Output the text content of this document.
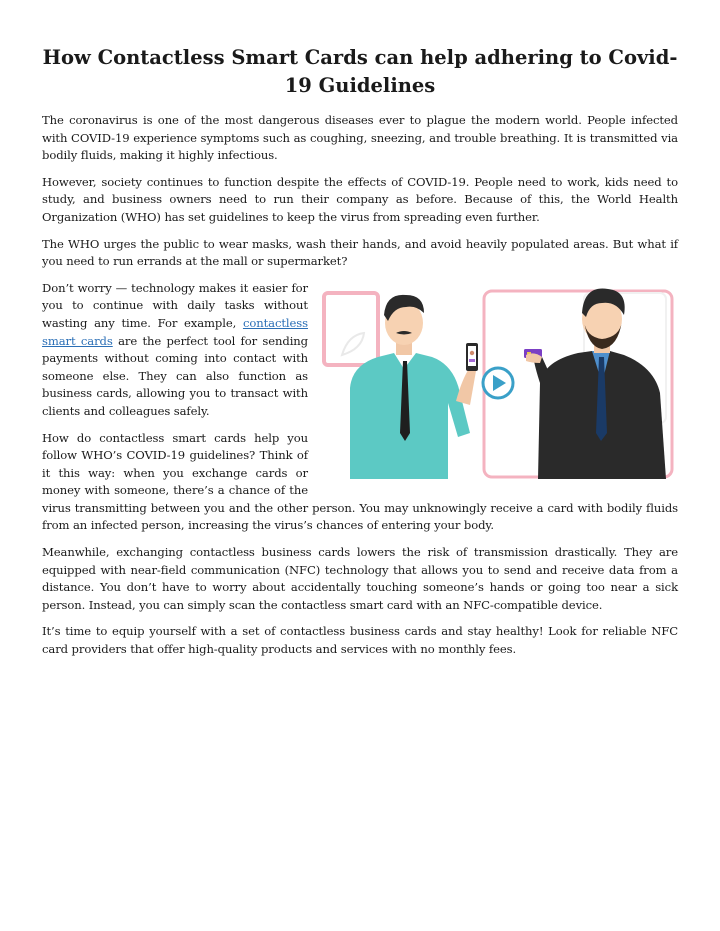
How Contactless Smart Cards can help adhering to Covid-19 Guidelines

The coronavirus is one of the most dangerous diseases ever to plague the modern world. People infected with COVID-19 experience symptoms such as coughing, sneezing, and trouble breathing. It is transmitted via bodily fluids, making it highly infectious.

However, society continues to function despite the effects of COVID-19. People need to work, kids need to study, and business owners need to run their company as before. Because of this, the World Health Organization (WHO) has set guidelines to keep the virus from spreading even further.

The WHO urges the public to wear masks, wash their hands, and avoid heavily populated areas. But what if you need to run errands at the mall or supermarket?

Don’t worry — technology makes it easier for you to continue with daily tasks without wasting any time. For example, contactless smart cards are the perfect tool for sending payments without coming into contact with someone else. They can also function as business cards, allowing you to transact with clients and colleagues safely.

How do contactless smart cards help you follow WHO’s COVID-19 guidelines? Think of it this way: when you exchange cards or money with someone, there’s a chance of the virus transmitting between you and the other person. You may unknowingly receive a card with bodily fluids from an infected person, increasing the virus’s chances of entering your body.

Meanwhile, exchanging contactless business cards lowers the risk of transmission drastically. They are equipped with near-field communication (NFC) technology that allows you to send and receive data from a distance. You don’t have to worry about accidentally touching someone’s hands or going too near a sick person. Instead, you can simply scan the contactless smart card with an NFC-compatible device.

It’s time to equip yourself with a set of contactless business cards and stay healthy! Look for reliable NFC card providers that offer high-quality products and services with no monthly fees.
